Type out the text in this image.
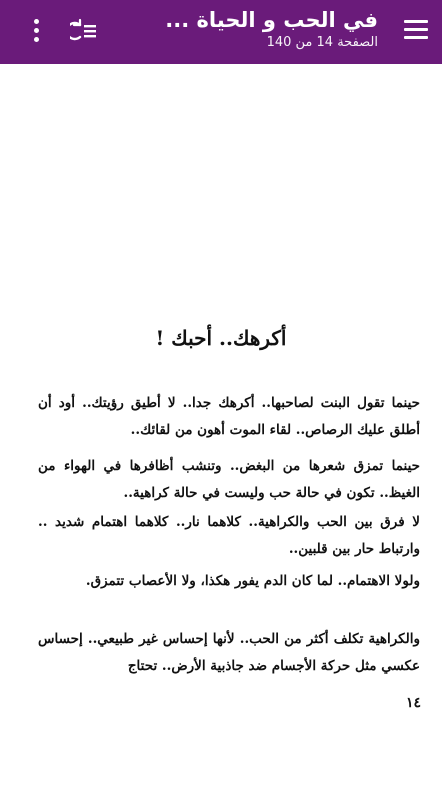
في الحب و الحياة ...
الصفحة 14 من 140
أكرهك.. أحبك !
حينما تقول البنت لصاحبها.. أكرهك جدا.. لا أطيق رؤيتك.. أود أن أطلق عليك الرصاص.. لقاء الموت أهون من لقائك..
حينما تمزق شعرها من البغض.. وتنشب أظافرها في الهواء من الغيظ.. تكون في حالة حب وليست في حالة كراهية..
لا فرق بين الحب والكراهية.. كلاهما نار.. كلاهما اهتمام شديد .. وارتباط حار بين قلبين..
ولولا الاهتمام.. لما كان الدم يفور هكذا، ولا الأعصاب تتمزق.
والكراهية تكلف أكثر من الحب.. لأنها إحساس غير طبيعي.. إحساس عكسي مثل حركة الأجسام ضد جاذبية الأرض.. تحتاج
١٤
